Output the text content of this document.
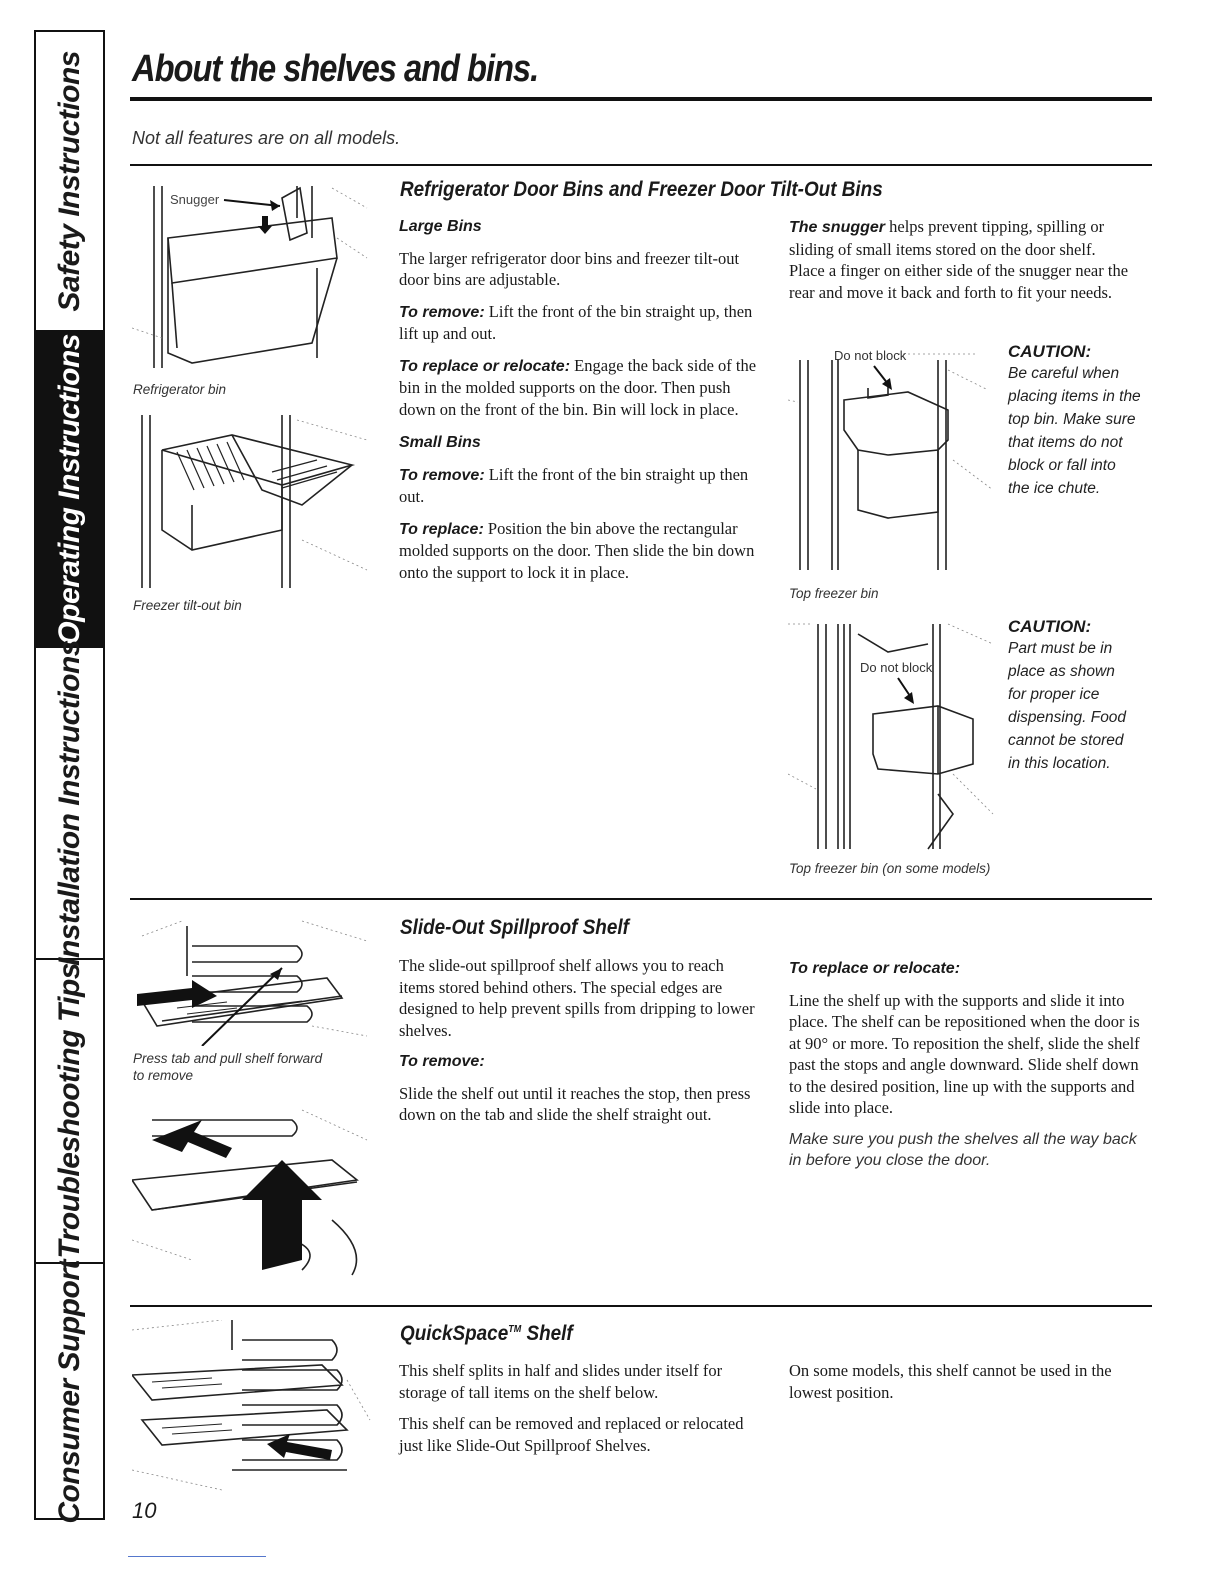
Safety Instructions
Operating Instructions
Installation Instructions
Troubleshooting Tips
Consumer Support
About the shelves and bins.
Not all features are on all models.
Refrigerator Door Bins and Freezer Door Tilt-Out Bins
Snugger
Refrigerator bin
Freezer tilt-out bin
Large Bins

The larger refrigerator door bins and freezer tilt-out door bins are adjustable.

To remove: Lift the front of the bin straight up, then lift up and out.

To replace or relocate: Engage the back side of the bin in the molded supports on the door. Then push down on the front of the bin. Bin will lock in place.

Small Bins

To remove: Lift the front of the bin straight up then out.

To replace: Position the bin above the rectangular molded supports on the door. Then slide the bin down onto the support to lock it in place.

The snugger helps prevent tipping, spilling or sliding of small items stored on the door shelf. Place a finger on either side of the snugger near the rear and move it back and forth to fit your needs.

Do not block
Top freezer bin
CAUTION:
Be careful when
placing items in the
top bin. Make sure
that items do not
block or fall into
the ice chute.
Do not block
Top freezer bin (on some models)
CAUTION:
Part must be in
place as shown
for proper ice
dispensing. Food
cannot be stored
in this location.
Slide-Out Spillproof Shelf
Press tab and pull shelf forward
to remove

The slide-out spillproof shelf allows you to reach items stored behind others. The special edges are designed to help prevent spills from dripping to lower shelves.

To remove:

Slide the shelf out until it reaches the stop, then press down on the tab and slide the shelf straight out.

To replace or relocate:

Line the shelf up with the supports and slide it into place. The shelf can be repositioned when the door is at 90° or more. To reposition the shelf, slide the shelf past the stops and angle downward. Slide shelf down to the desired position, line up with the supports and slide into place.

Make sure you push the shelves all the way back in before you close the door.

QuickSpace™ Shelf

This shelf splits in half and slides under itself for storage of tall items on the shelf below.

This shelf can be removed and replaced or relocated just like Slide-Out Spillproof Shelves.

On some models, this shelf cannot be used in the lowest position.

10
